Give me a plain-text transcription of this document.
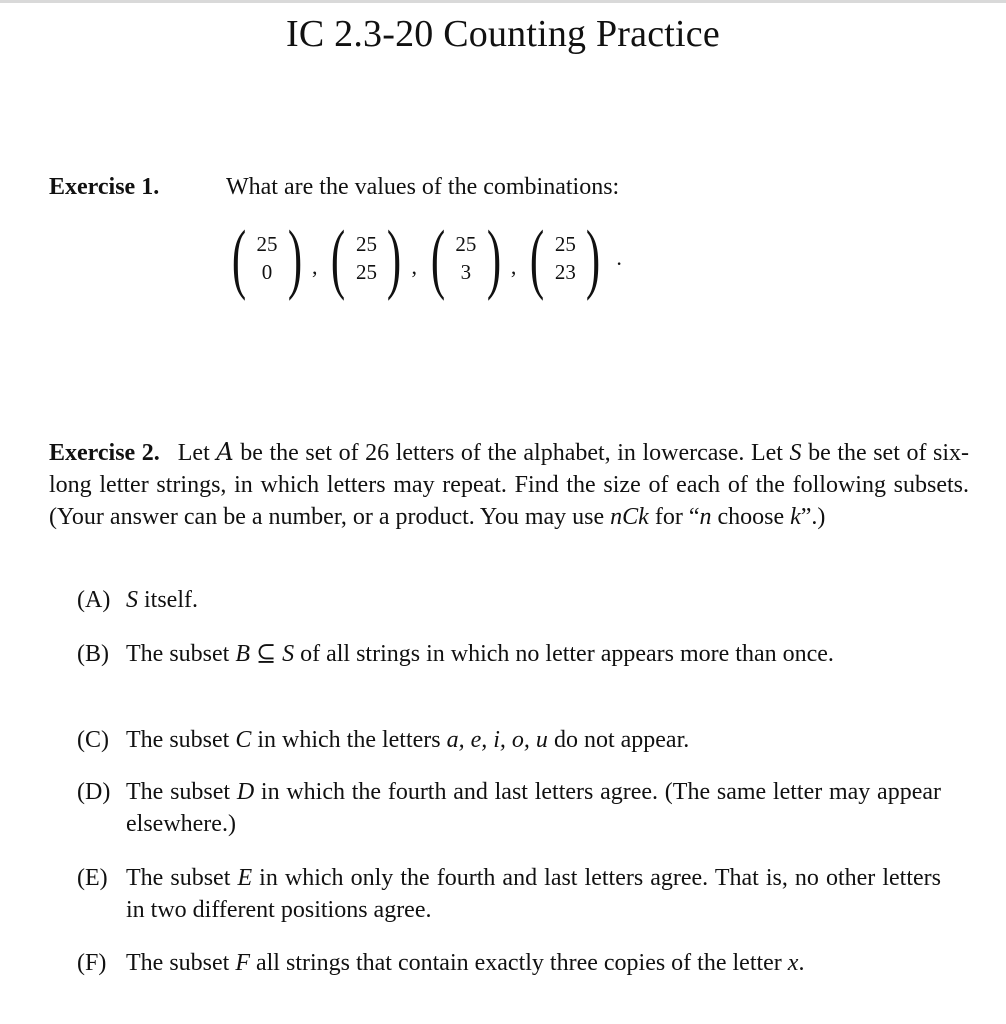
IC 2.3-20 Counting Practice
Exercise 1.	What are the values of the combinations:
( 25
0 ) , ( 25
25 ) , ( 25
3 ) , ( 25
23 ) .
Exercise 2. Let A be the set of 26 letters of the alphabet, in lowercase. Let S be the set of six-long letter strings, in which letters may repeat. Find the size of each of the following subsets. (Your answer can be a number, or a product. You may use nCk for “n choose k”.)
(A) S itself.
(B) The subset B ⊆ S of all strings in which no letter appears more than once.
(C) The subset C in which the letters a, e, i, o, u do not appear.
(D) The subset D in which the fourth and last letters agree. (The same letter may appear elsewhere.)
(E) The subset E in which only the fourth and last letters agree. That is, no other letters in two different positions agree.
(F) The subset F all strings that contain exactly three copies of the letter x.
